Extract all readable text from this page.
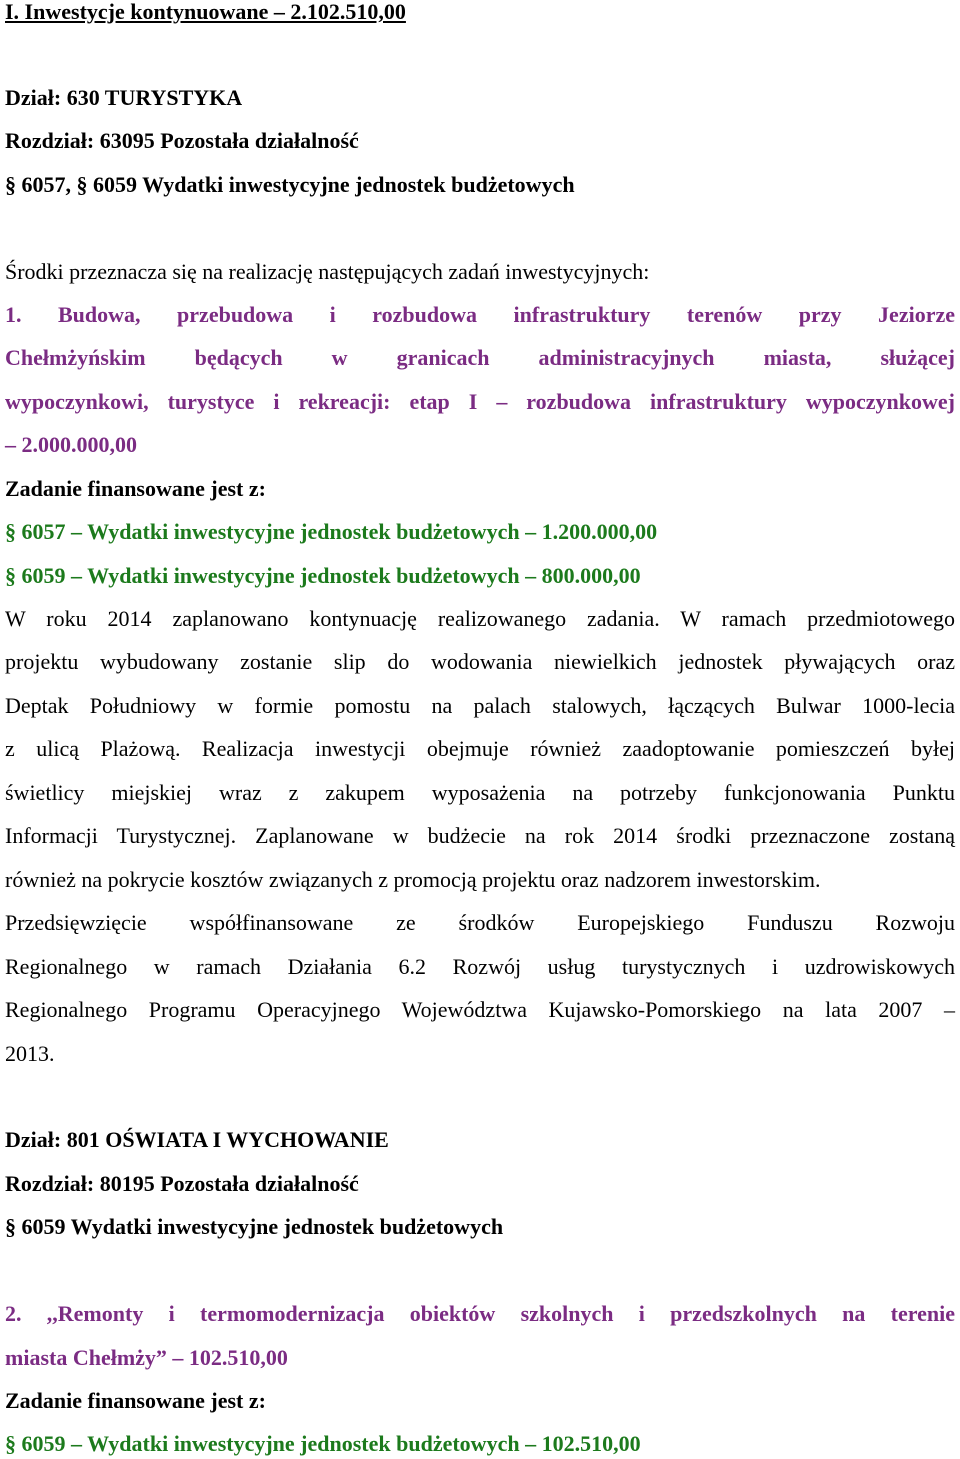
I. Inwestycje kontynuowane – 2.102.510,00

Dział: 630 TURYSTYKA

Rozdział: 63095 Pozostała działalność

§ 6057, § 6059 Wydatki inwestycyjne jednostek budżetowych

Środki przeznacza się na realizację następujących zadań inwestycyjnych:

1. Budowa, przebudowa i rozbudowa infrastruktury terenów przy Jeziorze

Chełmżyńskim będących w granicach administracyjnych miasta, służącej

wypoczynkowi, turystyce i rekreacji: etap I – rozbudowa infrastruktury wypoczynkowej

– 2.000.000,00

Zadanie finansowane jest z:

§ 6057 – Wydatki inwestycyjne jednostek budżetowych – 1.200.000,00

§ 6059 – Wydatki inwestycyjne jednostek budżetowych – 800.000,00

W roku 2014 zaplanowano kontynuację realizowanego zadania. W ramach przedmiotowego

projektu wybudowany zostanie slip do wodowania niewielkich jednostek pływających oraz

Deptak Południowy w formie pomostu na palach stalowych, łączących Bulwar 1000-lecia

z ulicą Plażową. Realizacja inwestycji obejmuje również zaadoptowanie pomieszczeń byłej

świetlicy miejskiej wraz z zakupem wyposażenia na potrzeby funkcjonowania Punktu

Informacji Turystycznej. Zaplanowane w budżecie na rok 2014 środki przeznaczone zostaną

również na pokrycie kosztów związanych z promocją projektu oraz nadzorem inwestorskim.

Przedsięwzięcie współfinansowane ze środków Europejskiego Funduszu Rozwoju

Regionalnego w ramach Działania 6.2 Rozwój usług turystycznych i uzdrowiskowych

Regionalnego Programu Operacyjnego Województwa Kujawsko-Pomorskiego na lata 2007 –

2013.

Dział: 801 OŚWIATA I WYCHOWANIE

Rozdział: 80195 Pozostała działalność

§ 6059 Wydatki inwestycyjne jednostek budżetowych

2. ,,Remonty i termomodernizacja obiektów szkolnych i przedszkolnych na terenie

miasta Chełmży” – 102.510,00

Zadanie finansowane jest z:

§ 6059 – Wydatki inwestycyjne jednostek budżetowych – 102.510,00
